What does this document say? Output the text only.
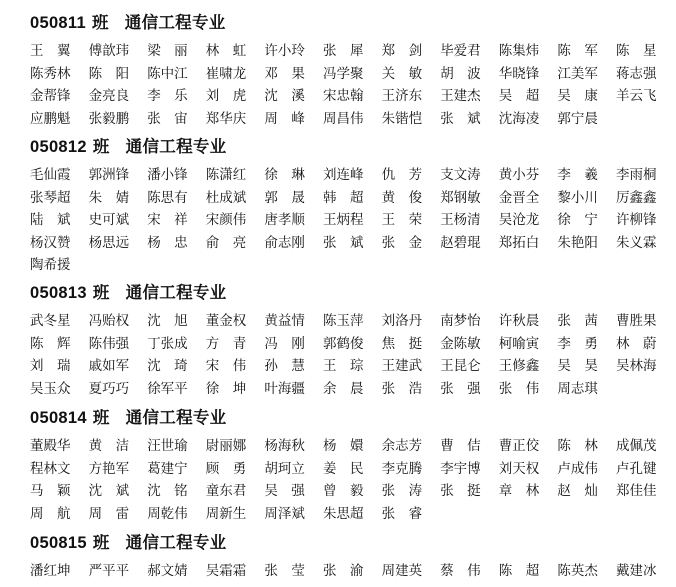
050811 班 通信工程专业
王　翼 傅歆玮 梁　丽 林　虹 许小玲 张　犀 郑　剑 毕爱君 陈集炜 陈　军 陈　星
陈秀林 陈　阳 陈中江 崔啸龙 邓　果 冯学聚 关　敏 胡　波 华晓锋 江美军 蒋志强
金帮锋 金亮良 李　乐 刘　虎 沈　溪 宋忠翰 王济东 王建杰 吴　超 吴　康 羊云飞
应鹏魁 张毅鹏 张　宙 郑华庆 周　峰 周昌伟 朱锴恺 张　斌 沈海凌 郭宁晨
050812 班 通信工程专业
毛仙霞 郭洲锋 潘小锋 陈潇红 徐　琳 刘连峰 仇　芳 支文涛 黄小芬 李　羲 李雨桐
张琴超 朱　婧 陈思有 杜成斌 郭　晟 韩　超 黄　俊 郑钢敏 金晋全 黎小川 厉鑫鑫
陆　斌 史可斌 宋　祥 宋颜伟 唐孝顺 王炳程 王　荣 王杨清 吴沧龙 徐　宁 许柳锋
杨汉赞 杨思远 杨　忠 俞　亮 俞志刚 张　斌 张　金 赵碧琨 郑拓白 朱艳阳 朱义霖
陶希援
050813 班 通信工程专业
武冬星 冯贻权 沈　旭 董金权 黄益情 陈玉萍 刘洛丹 南梦怡 许秋晨 张　茜 曹胜果
陈　辉 陈伟强 丁张成 方　青 冯　刚 郭鹤俊 焦　挺 金陈敏 柯喻寅 李　勇 林　蔚
刘　瑞 戚如军 沈　琦 宋　伟 孙　慧 王　琮 王建武 王昆仑 王修鑫 吴　昊 吴林海
吴玉众 夏巧巧 徐军平 徐　坤 叶海疆 余　晨 张　浩 张　强 张　伟 周志琪
050814 班 通信工程专业
董殿华 黄　洁 汪世瑜 尉丽娜 杨海秋 杨　嬛 余志芳 曹　佶 曹正佼 陈　林 成佩茂
程林文 方艳军 葛建宁 顾　勇 胡珂立 姜　民 李克腾 李宇博 刘天权 卢成伟 卢孔键
马　颖 沈　斌 沈　铭 童东君 吴　强 曾　毅 张　涛 张　挺 章　林 赵　灿 郑佳佳
周　航 周　雷 周乾伟 周新生 周泽斌 朱思超 张　睿
050815 班 通信工程专业
潘红坤 严平平 郝文婧 吴霜霜 张　莹 张　渝 周建英 蔡　伟 陈　超 陈英杰 戴建冰
